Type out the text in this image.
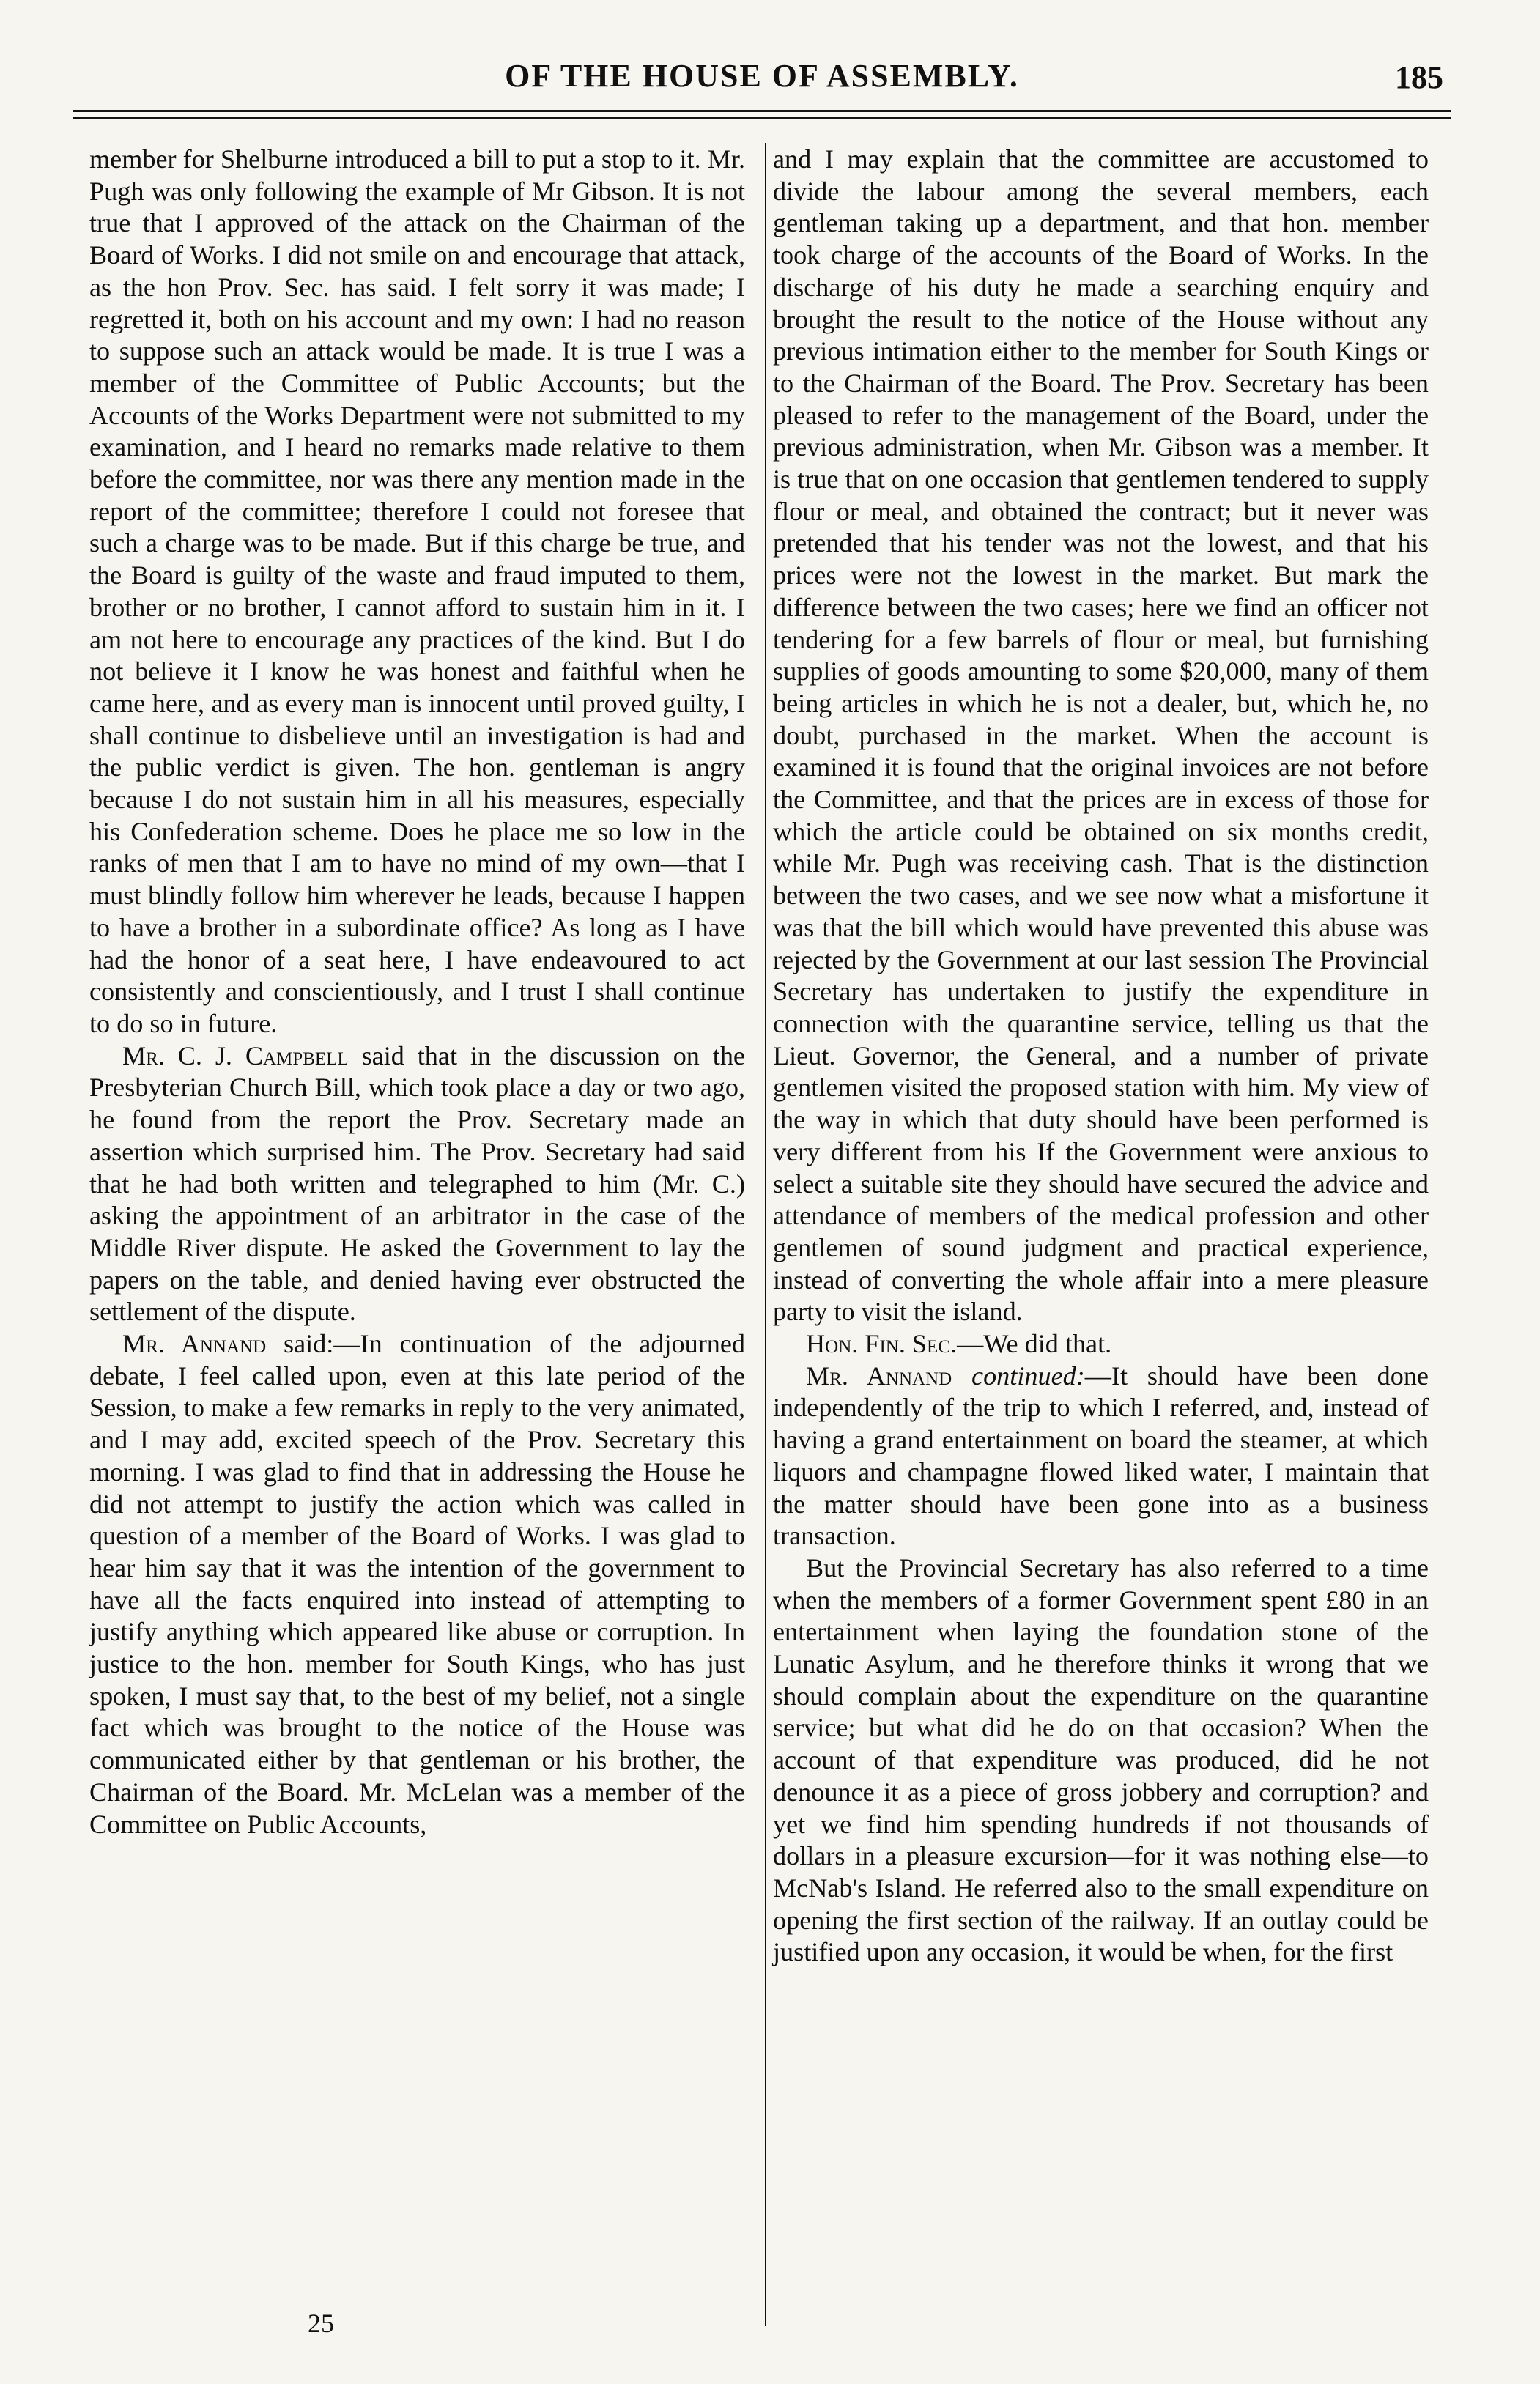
OF THE HOUSE OF ASSEMBLY.	185

member for Shelburne introduced a bill to put a stop to it. Mr. Pugh was only following the example of Mr Gibson. It is not true that I approved of the attack on the Chairman of the Board of Works. I did not smile on and encourage that attack, as the hon Prov. Sec. has said. I felt sorry it was made; I regretted it, both on his account and my own: I had no reason to suppose such an attack would be made. It is true I was a member of the Committee of Public Accounts; but the Accounts of the Works Department were not submitted to my examination, and I heard no remarks made relative to them before the committee, nor was there any mention made in the report of the committee; therefore I could not foresee that such a charge was to be made. But if this charge be true, and the Board is guilty of the waste and fraud imputed to them, brother or no brother, I cannot afford to sustain him in it. I am not here to encourage any practices of the kind. But I do not believe it I know he was honest and faithful when he came here, and as every man is innocent until proved guilty, I shall continue to disbelieve until an investigation is had and the public verdict is given. The hon. gentleman is angry because I do not sustain him in all his measures, especially his Confederation scheme. Does he place me so low in the ranks of men that I am to have no mind of my own—that I must blindly follow him wherever he leads, because I happen to have a brother in a subordinate office? As long as I have had the honor of a seat here, I have endeavoured to act consistently and conscientiously, and I trust I shall continue to do so in future.

Mr. C. J. Campbell said that in the discussion on the Presbyterian Church Bill, which took place a day or two ago, he found from the report the Prov. Secretary made an assertion which surprised him. The Prov. Secretary had said that he had both written and telegraphed to him (Mr. C.) asking the appointment of an arbitrator in the case of the Middle River dispute. He asked the Government to lay the papers on the table, and denied having ever obstructed the settlement of the dispute.

Mr. Annand said:—In continuation of the adjourned debate, I feel called upon, even at this late period of the Session, to make a few remarks in reply to the very animated, and I may add, excited speech of the Prov. Secretary this morning. I was glad to find that in addressing the House he did not attempt to justify the action which was called in question of a member of the Board of Works. I was glad to hear him say that it was the intention of the government to have all the facts enquired into instead of attempting to justify anything which appeared like abuse or corruption. In justice to the hon. member for South Kings, who has just spoken, I must say that, to the best of my belief, not a single fact which was brought to the notice of the House was communicated either by that gentleman or his brother, the Chairman of the Board. Mr. McLelan was a member of the Committee on Public Accounts,

and I may explain that the committee are accustomed to divide the labour among the several members, each gentleman taking up a department, and that hon. member took charge of the accounts of the Board of Works. In the discharge of his duty he made a searching enquiry and brought the result to the notice of the House without any previous intimation either to the member for South Kings or to the Chairman of the Board. The Prov. Secretary has been pleased to refer to the management of the Board, under the previous administration, when Mr. Gibson was a member. It is true that on one occasion that gentlemen tendered to supply flour or meal, and obtained the contract; but it never was pretended that his tender was not the lowest, and that his prices were not the lowest in the market. But mark the difference between the two cases; here we find an officer not tendering for a few barrels of flour or meal, but furnishing supplies of goods amounting to some $20,000, many of them being articles in which he is not a dealer, but, which he, no doubt, purchased in the market. When the account is examined it is found that the original invoices are not before the Committee, and that the prices are in excess of those for which the article could be obtained on six months credit, while Mr. Pugh was receiving cash. That is the distinction between the two cases, and we see now what a misfortune it was that the bill which would have prevented this abuse was rejected by the Government at our last session The Provincial Secretary has undertaken to justify the expenditure in connection with the quarantine service, telling us that the Lieut. Governor, the General, and a number of private gentlemen visited the proposed station with him. My view of the way in which that duty should have been performed is very different from his If the Government were anxious to select a suitable site they should have secured the advice and attendance of members of the medical profession and other gentlemen of sound judgment and practical experience, instead of converting the whole affair into a mere pleasure party to visit the island.

Hon. Fin. Sec.—We did that.

Mr. Annand continued:—It should have been done independently of the trip to which I referred, and, instead of having a grand entertainment on board the steamer, at which liquors and champagne flowed liked water, I maintain that the matter should have been gone into as a business transaction.

But the Provincial Secretary has also referred to a time when the members of a former Government spent £80 in an entertainment when laying the foundation stone of the Lunatic Asylum, and he therefore thinks it wrong that we should complain about the expenditure on the quarantine service; but what did he do on that occasion? When the account of that expenditure was produced, did he not denounce it as a piece of gross jobbery and corruption? and yet we find him spending hundreds if not thousands of dollars in a pleasure excursion—for it was nothing else—to McNab's Island. He referred also to the small expenditure on opening the first section of the railway. If an outlay could be justified upon any occasion, it would be when, for the first

25
